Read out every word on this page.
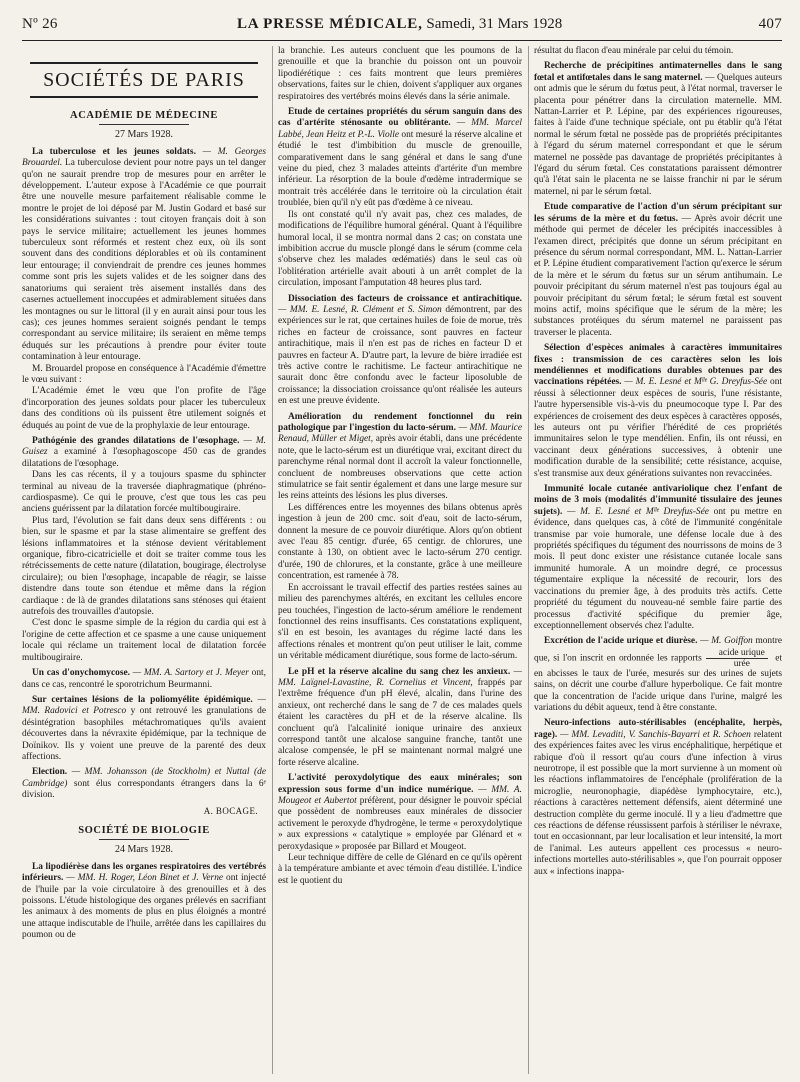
Nº 26	LA PRESSE MÉDICALE, Samedi, 31 Mars 1928	407
SOCIÉTÉS DE PARIS
ACADÉMIE DE MÉDECINE
27 Mars 1928.

La tuberculose et les jeunes soldats. — M. Georges Brouardel. La tuberculose devient pour notre pays un tel danger qu'on ne saurait prendre trop de mesures pour en arrêter le développement. L'auteur expose à l'Académie ce que pourrait être une nouvelle mesure parfaitement réalisable comme le montre le projet de loi déposé par M. Justin Godard et basé sur les considérations suivantes : tout citoyen français doit à son pays le service militaire; actuellement les jeunes hommes tuberculeux sont réformés et restent chez eux, où ils sont souvent dans des conditions déplorables et où ils contaminent leur entourage; il conviendrait de prendre ces jeunes hommes comme sont pris les sujets valides et de les soigner dans des sanatoriums qui seraient très aisement installés dans des casernes actuellement inoccupées et admirablement situées dans les montagnes ou sur le littoral (il y en aurait ainsi pour tous les cas); ces jeunes hommes seraient soignés pendant le temps correspondant au service militaire; ils seraient en même temps éduqués sur les précautions à prendre pour éviter toute contamination à leur entourage.

M. Brouardel propose en conséquence à l'Académie d'émettre le vœu suivant :

L'Académie émet le vœu que l'on profite de l'âge d'incorporation des jeunes soldats pour placer les tuberculeux dans des conditions où ils puissent être utilement soignés et éduqués au point de vue de la prophylaxie de leur entourage.

Pathógénie des grandes dilatations de l'œsophage. — M. Guisez a examiné à l'œsophagoscope 450 cas de grandes dilatations de l'œsophage.

Dans les cas récents, il y a toujours spasme du sphincter terminal au niveau de la traversée diaphragmatique (phréno-cardiospasme). Ce qui le prouve, c'est que tous les cas peu anciens guérissent par la dilatation forcée multibougiraire.

Plus tard, l'évolution se fait dans deux sens différents : ou bien, sur le spasme et par la stase alimentaire se greffent des lésions inflammatoires et la sténose devient véritablement organique, fibro-cicatricielle et doit se traiter comme tous les rétrécissements de cette nature (dilatation, bougirage, électrolyse circulaire); ou bien l'œsophage, incapable de réagir, se laisse distendre dans toute son étendue et même dans la région cardiaque : de là de grandes dilatations sans sténoses qui étaient autrefois des trouvailles d'autopsie.

C'est donc le spasme simple de la région du cardia qui est à l'origine de cette affection et ce spasme a une cause uniquement locale qui réclame un traitement local de dilatation forcée multibougiraire.

Un cas d'onychomycose. — MM. A. Sartory et J. Meyer ont, dans ce cas, rencontré le sporotrichum Beurmanni.

Sur certaines lésions de la poliomyélite épidémique. — MM. Radovici et Potresco y ont retrouvé les granulations de désintégration basophiles métachromatiques qu'ils avaient découvertes dans la névraxite épidémique, par la technique de Doïnikov. Ils y voient une preuve de la parenté des deux affections.

Election. — MM. Johansson (de Stockholm) et Nuttal (de Cambridge) sont élus correspondants étrangers dans la 6ᵉ division.

A. BOCAGE.
SOCIÉTÉ DE BIOLOGIE
24 Mars 1928.

La lipodiérèse dans les organes respiratoires des vertébrés inférieurs. — MM. H. Roger, Léon Binet et J. Verne ont injecté de l'huile par la voie circulatoire à des grenouilles et à des poissons. L'étude histologique des organes prélevés en sacrifiant les animaux à des moments de plus en plus éloignés a montré une attaque indiscutable de l'huile, arrêtée dans les capillaires du poumon ou de

la branchie. Les auteurs concluent que les poumons de la grenouille et que la branchie du poisson ont un pouvoir lipodiérétique : ces faits montrent que leurs premières observations, faites sur le chien, doivent s'appliquer aux organes respiratoires des vertébrés moins élevés dans la série animale.

Etude de certaines propriétés du sérum sanguin dans des cas d'artérite sténosante ou oblitérante. — MM. Marcel Labbé, Jean Heitz et P.-L. Violle ont mesuré la réserve alcaline et étudié le test d'imbibition du muscle de grenouille, comparativement dans le sang général et dans le sang d'une veine du pied, chez 3 malades atteints d'artérite d'un membre inférieur. La résorption de la boule d'œdème intradermique se montrait très accélérée dans le territoire où la circulation était troublée, bien qu'il n'y eût pas d'œdème à ce niveau.

Ils ont constaté qu'il n'y avait pas, chez ces malades, de modifications de l'équilibre humoral général. Quant à l'équilibre humoral local, il se montra normal dans 2 cas; on constata une imbibition accrue du muscle plongé dans le sérum (comme cela s'observe chez les malades œdématiés) dans le seul cas où l'oblitération artérielle avait abouti à un arrêt complet de la circulation, imposant l'amputation 48 heures plus tard.

Dissociation des facteurs de croissance et antirachitique. — MM. E. Lesné, R. Clément et S. Simon démontrent, par des expériences sur le rat, que certaines huiles de foie de morue, très riches en facteur de croissance, sont pauvres en facteur antirachitique, mais il n'en est pas de riches en facteur D et pauvres en facteur A. D'autre part, la levure de bière irradiée est très active contre le rachitisme. Le facteur antirachitique ne saurait donc être confondu avec le facteur liposoluble de croissance; la dissociation croissance qu'ont réalisée les auteurs en est une preuve évidente.

Amélioration du rendement fonctionnel du rein pathologique par l'ingestion du lacto-sérum. — MM. Maurice Renaud, Müller et Miget, après avoir établi, dans une précédente note, que le lacto-sérum est un diurétique vrai, excitant direct du parenchyme rénal normal dont il accroît la valeur fonctionnelle, concluent de nombreuses observations que cette action stimulatrice se fait sentir également et dans une large mesure sur les reins atteints des lésions les plus diverses.

Les différences entre les moyennes des bilans obtenus après ingestion à jeun de 200 cmc. soit d'eau, soit de lacto-sérum, donnent la mesure de ce pouvoir diurétique. Alors qu'on obtient avec l'eau 85 centigr. d'urée, 65 centigr. de chlorures, une constante à 130, on obtient avec le lacto-sérum 270 centigr. d'urée, 190 de chlorures, et la constante, grâce à une meilleure concentration, est ramenée à 78.

En accroissant le travail effectif des parties restées saines au milieu des parenchymes altérés, en excitant les cellules encore peu touchées, l'ingestion de lacto-sérum améliore le rendement fonctionnel des reins insuffisants. Ces constatations expliquent, s'il en est besoin, les avantages du régime lacté dans les affections rénales et montrent qu'on peut utiliser le lait, comme un véritable médicament diurétique, sous forme de lacto-sérum.

Le pH et la réserve alcaline du sang chez les anxieux. — MM. Laïgnel-Lavastine, R. Cornelius et Vincent, frappés par l'extrême fréquence d'un pH élevé, alcalin, dans l'urine des anxieux, ont recherché dans le sang de 7 de ces malades quels étaient les caractères du pH et de la réserve alcaline. Ils concluent qu'à l'alcalinité ionique urinaire des anxieux correspond tantôt une alcalose sanguine franche, tantôt une alcalose compensée, le pH se maintenant normal malgré une forte réserve alcaline.

L'activité peroxydolytique des eaux minérales; son expression sous forme d'un indice numérique. — MM. A. Mougeot et Aubertot préfèrent, pour désigner le pouvoir spécial que possèdent de nombreuses eaux minérales de dissocier activement le peroxyde d'hydrogène, le terme « peroxydolytique » aux expressions « catalytique » employée par Glénard et « peroxydasique » proposée par Billard et Mougeot.

Leur technique diffère de celle de Glénard en ce qu'ils opèrent à la température ambiante et avec témoin d'eau distillée. L'indice est le quotient du

résultat du flacon d'eau minérale par celui du témoin.

Recherche de précipitines antimaternelles dans le sang fœtal et antifœtales dans le sang maternel. — Quelques auteurs ont admis que le sérum du fœtus peut, à l'état normal, traverser le placenta pour pénétrer dans la circulation maternelle. MM. Nattan-Larrier et P. Lépine, par des expériences rigoureuses, faites à l'aide d'une technique spéciale, ont pu établir qu'à l'état normal le sérum fœtal ne possède pas de propriétés précipitantes à l'égard du sérum maternel correspondant et que le sérum maternel ne possède pas davantage de propriétés précipitantes à l'égard du sérum fœtal. Ces constatations paraissent démontrer qu'à l'état sain le placenta ne se laisse franchir ni par le sérum maternel, ni par le sérum fœtal.

Etude comparative de l'action d'un sérum précipitant sur les sérums de la mère et du fœtus. — Après avoir décrit une méthode qui permet de déceler les précipités inaccessibles à l'examen direct, précipités que donne un sérum précipitant en présence du sérum normal correspondant, MM. L. Nattan-Larrier et P. Lépine étudient comparativement l'action qu'exerce le sérum de la mère et le sérum du fœtus sur un sérum antihumain. Le pouvoir précipitant du sérum maternel n'est pas toujours égal au pouvoir précipitant du sérum fœtal; le sérum fœtal est souvent moins actif, moins spécifique que le sérum de la mère; les substances protéiques du sérum maternel ne paraissent pas traverser le placenta.

Sélection d'espèces animales à caractères immunitaires fixes : transmission de ces caractères selon les lois mendéliennes et modifications durables obtenues par des vaccinations répétées. — M. E. Lesné et Mˡˡᵉ G. Dreyfus-Sée ont réussi à sélectionner deux espèces de souris, l'une résistante, l'autre hypersensible vis-à-vis du pneumocoque type I. Par des expériences de croisement des deux espèces à caractères opposés, les auteurs ont pu vérifier l'hérédité de ces propriétés immunitaires selon le type mendélien. Enfin, ils ont réussi, en vaccinant deux générations successives, à obtenir une modification durable de la sensibilité; cette résistance, acquise, s'est transmise aux deux générations suivantes non revaccinées.

Immunité locale cutanée antivariolique chez l'enfant de moins de 3 mois (modalités d'immunité tissulaire des jeunes sujets). — M. E. Lesné et Mˡˡᵉ Dreyfus-Sée ont pu mettre en évidence, dans quelques cas, à côté de l'immunité congénitale transmise par voie humorale, une défense locale due à des propriétés spécifiques du tégument des nourrissons de moins de 3 mois. Il peut donc exister une résistance cutanée locale sans immunité humorale. A un moindre degré, ce processus tégumentaire explique la nécessité de recourir, lors des vaccinations du premier âge, à des produits très actifs. Cette propriété du tégument du nouveau-né semble faire partie des processus d'activité spécifique du premier âge, exceptionnellement observés chez l'adulte.

Excrétion de l'acide urique et diurèse. — M. Goiffon montre que, si l'on inscrit en ordonnée les rapports $\frac{\text{acide urique}}{\text{urée}}$ et en abcisses le taux de l'urée, mesurés sur des urines de sujets sains, on décrit une courbe d'allure hyperbolique. Ce fait montre que la concentration de l'acide urique dans l'urine, malgré les variations du débit aqueux, tend à être constante.

Neuro-infections auto-stérilisables (encéphalite, herpès, rage). — MM. Levaditi, V. Sanchis-Bayarri et R. Schoen relatent des expériences faites avec les virus encéphalitique, herpétique et rabique d'où il ressort qu'au cours d'une infection à virus neurotrope, il est possible que la mort survienne à un moment où les réactions inflammatoires de l'encéphale (prolifération de la microglie, neuronophagie, diapédèse lymphocytaire, etc.), réactions à caractères nettement défensifs, aient déterminé une destruction complète du germe inoculé. Il y a lieu d'admettre que ces réactions de défense réussissent parfois à stériliser le névraxe, tout en occasionnant, par leur localisation et leur intensité, la mort de l'animal. Les auteurs appellent ces processus « neuro-infections mortelles auto-stérilisables », que l'on pourrait opposer aux « infections inappa-
